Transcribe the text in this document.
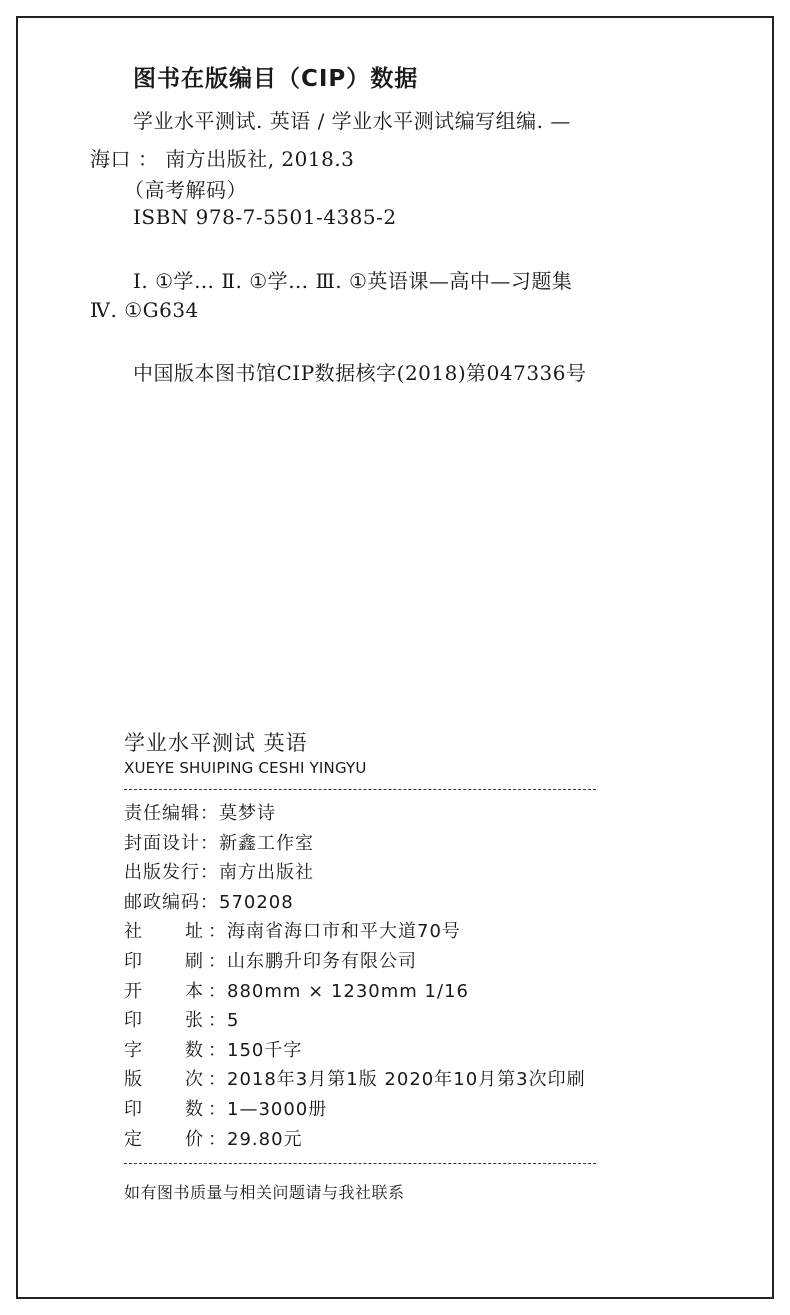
图书在版编目（CIP）数据
学业水平测试. 英语 / 学业水平测试编写组编. —
海口 ： 南方出版社, 2018.3
（高考解码）
ISBN 978-7-5501-4385-2
Ⅰ. ①学… Ⅱ. ①学… Ⅲ. ①英语课—高中—习题集
Ⅳ. ①G634
中国版本图书馆CIP数据核字(2018)第047336号
学业水平测试 英语
XUEYE SHUIPING CESHI YINGYU
责任编辑：莫梦诗
封面设计：新鑫工作室
出版发行：南方出版社
邮政编码：570208
社 址 ：海南省海口市和平大道70号
印 刷 ：山东鹏升印务有限公司
开 本 ：880mm × 1230mm 1/16
印 张 ：5
字 数 ：150千字
版 次 ：2018年3月第1版 2020年10月第3次印刷
印 数 ：1—3000册
定 价 ：29.80元
如有图书质量与相关问题请与我社联系
